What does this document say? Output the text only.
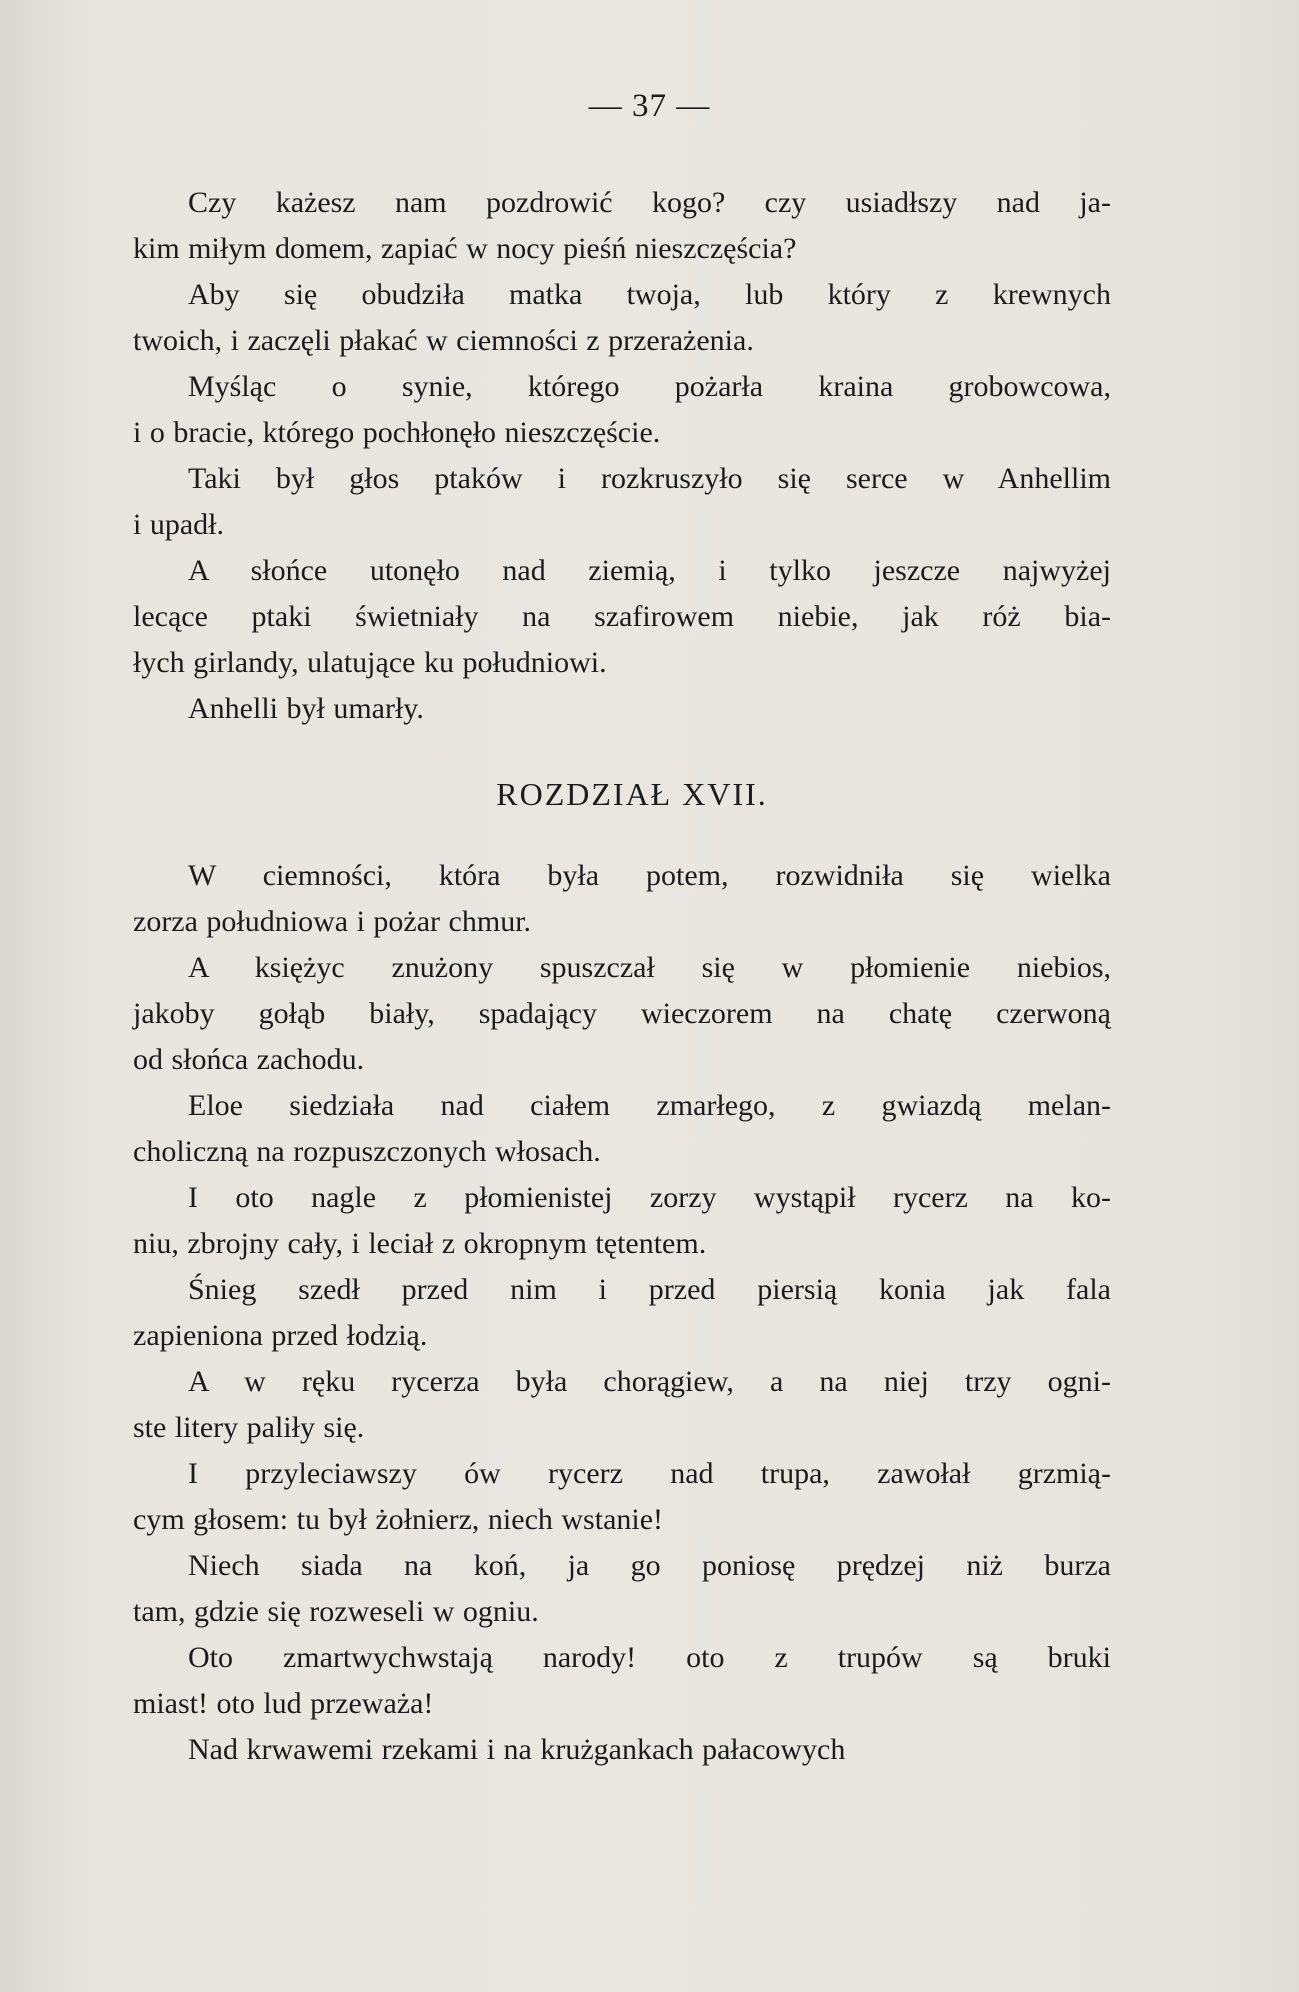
— 37 —

Czy każesz nam pozdrowić kogo? czy usiadłszy nad ja-
kim miłym domem, zapiać w nocy pieśń nieszczęścia?

Aby się obudziła matka twoja, lub który z krewnych
twoich, i zaczęli płakać w ciemności z przerażenia.

Myśląc o synie, którego pożarła kraina grobowcowa,
i o bracie, którego pochłonęło nieszczęście.

Taki był głos ptaków i rozkruszyło się serce w Anhellim
i upadł.

A słońce utonęło nad ziemią, i tylko jeszcze najwyżej
lecące ptaki świetniały na szafirowem niebie, jak róż bia-
łych girlandy, ulatujące ku południowi.

Anhelli był umarły.

ROZDZIAŁ XVII.

W ciemności, która była potem, rozwidniła się wielka
zorza południowa i pożar chmur.

A księżyc znużony spuszczał się w płomienie niebios,
jakoby gołąb biały, spadający wieczorem na chatę czerwoną
od słońca zachodu.

Eloe siedziała nad ciałem zmarłego, z gwiazdą melan-
choliczną na rozpuszczonych włosach.

I oto nagle z płomienistej zorzy wystąpił rycerz na ko-
niu, zbrojny cały, i leciał z okropnym tętentem.

Śnieg szedł przed nim i przed piersią konia jak fala
zapieniona przed łodzią.

A w ręku rycerza była chorągiew, a na niej trzy ogni-
ste litery paliły się.

I przyleciawszy ów rycerz nad trupa, zawołał grzmią-
cym głosem: tu był żołnierz, niech wstanie!

Niech siada na koń, ja go poniosę prędzej niż burza
tam, gdzie się rozweseli w ogniu.

Oto zmartwychwstają narody! oto z trupów są bruki
miast! oto lud przeważa!

Nad krwawemi rzekami i na krużgankach pałacowych
